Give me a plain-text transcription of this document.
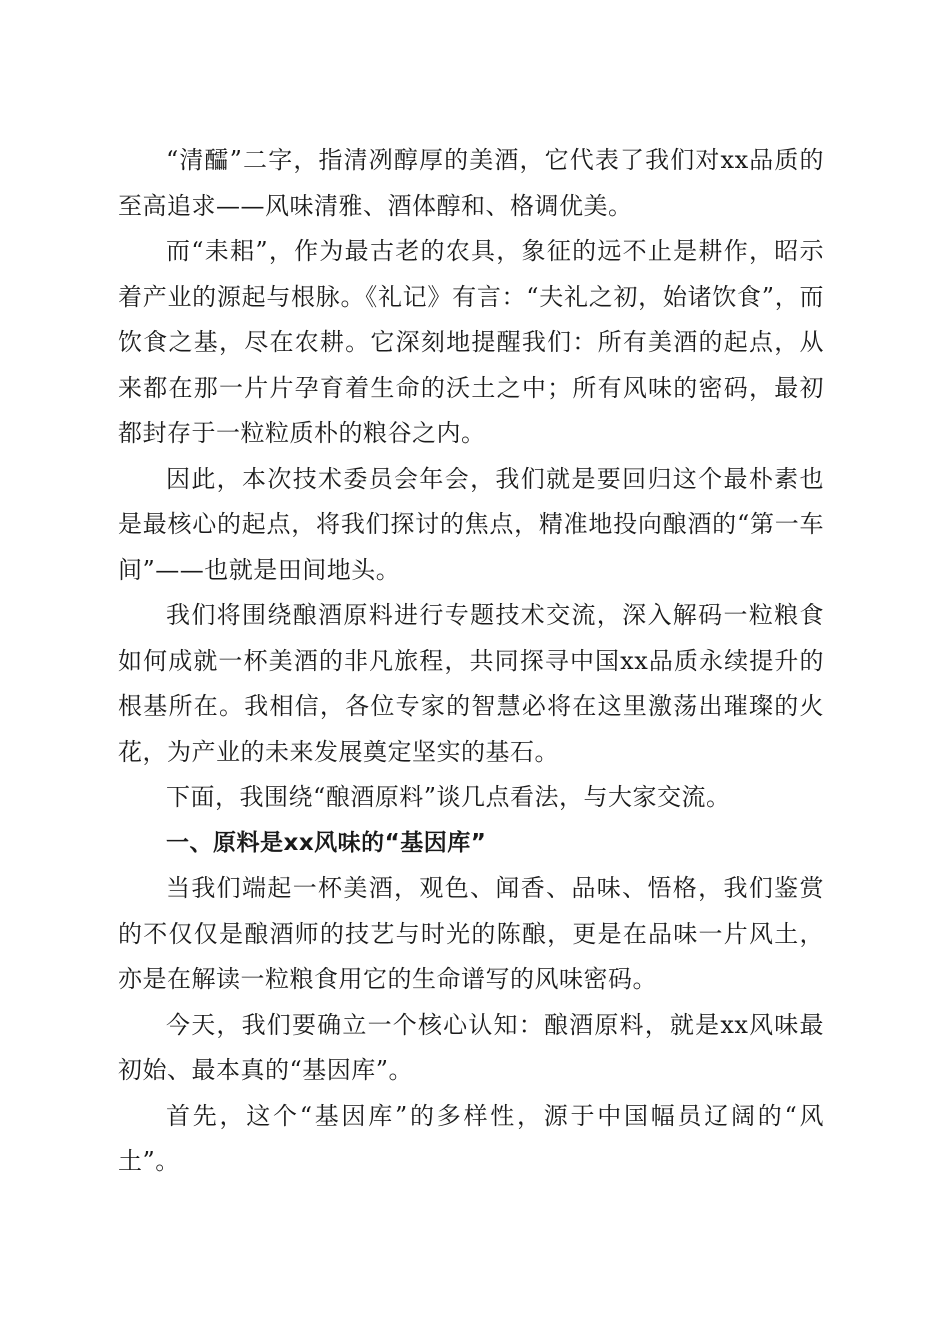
“清醽”二字，指清冽醇厚的美酒，它代表了我们对xx品质的至高追求——风味清雅、酒体醇和、格调优美。

而“耒耜”，作为最古老的农具，象征的远不止是耕作，昭示着产业的源起与根脉。《礼记》有言：“夫礼之初，始诸饮食”，而饮食之基，尽在农耕。它深刻地提醒我们：所有美酒的起点，从来都在那一片片孕育着生命的沃土之中；所有风味的密码，最初都封存于一粒粒质朴的粮谷之内。

因此，本次技术委员会年会，我们就是要回归这个最朴素也是最核心的起点，将我们探讨的焦点，精准地投向酿酒的“第一车间”——也就是田间地头。

我们将围绕酿酒原料进行专题技术交流，深入解码一粒粮食如何成就一杯美酒的非凡旅程，共同探寻中国xx品质永续提升的根基所在。我相信，各位专家的智慧必将在这里激荡出璀璨的火花，为产业的未来发展奠定坚实的基石。

下面，我围绕“酿酒原料”谈几点看法，与大家交流。

一、原料是xx风味的“基因库”

当我们端起一杯美酒，观色、闻香、品味、悟格，我们鉴赏的不仅仅是酿酒师的技艺与时光的陈酿，更是在品味一片风土，亦是在解读一粒粮食用它的生命谱写的风味密码。

今天，我们要确立一个核心认知：酿酒原料，就是xx风味最初始、最本真的“基因库”。

首先，这个“基因库”的多样性，源于中国幅员辽阔的“风土”。
